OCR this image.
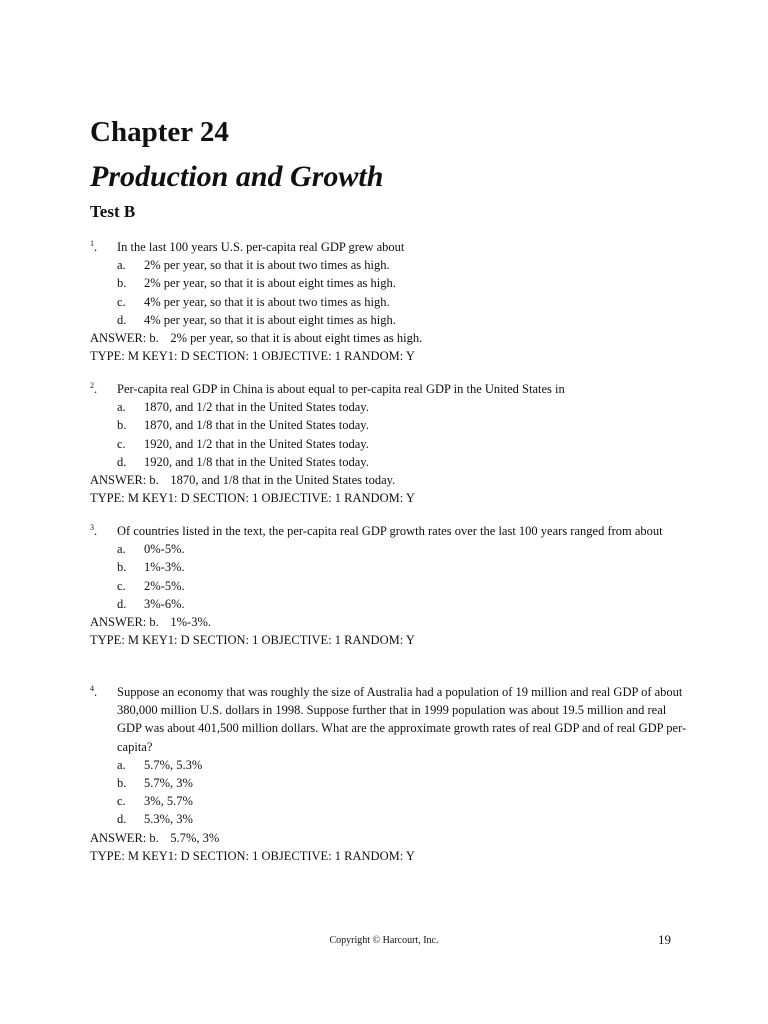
Chapter 24
Production and Growth
Test B
1 . In the last 100 years U.S. per-capita real GDP grew about
a. 2% per year, so that it is about two times as high.
b. 2% per year, so that it is about eight times as high.
c. 4% per year, so that it is about two times as high.
d. 4% per year, so that it is about eight times as high.
ANSWER: b. 2% per year, so that it is about eight times as high.
TYPE: M KEY1: D SECTION: 1 OBJECTIVE: 1 RANDOM: Y
2 . Per-capita real GDP in China is about equal to per-capita real GDP in the United States in
a. 1870, and 1/2 that in the United States today.
b. 1870, and 1/8 that in the United States today.
c. 1920, and 1/2 that in the United States today.
d. 1920, and 1/8 that in the United States today.
ANSWER: b. 1870, and 1/8 that in the United States today.
TYPE: M KEY1: D SECTION: 1 OBJECTIVE: 1 RANDOM: Y
3 . Of countries listed in the text, the per-capita real GDP growth rates over the last 100 years ranged from about
a. 0%-5%.
b. 1%-3%.
c. 2%-5%.
d. 3%-6%.
ANSWER: b. 1%-3%.
TYPE: M KEY1: D SECTION: 1 OBJECTIVE: 1 RANDOM: Y
4 . Suppose an economy that was roughly the size of Australia had a population of 19 million and real GDP of about 380,000 million U.S. dollars in 1998. Suppose further that in 1999 population was about 19.5 million and real GDP was about 401,500 million dollars. What are the approximate growth rates of real GDP and of real GDP per-capita?
a. 5.7%, 5.3%
b. 5.7%, 3%
c. 3%, 5.7%
d. 5.3%, 3%
ANSWER: b. 5.7%, 3%
TYPE: M KEY1: D SECTION: 1 OBJECTIVE: 1 RANDOM: Y
Copyright © Harcourt, Inc.	19
